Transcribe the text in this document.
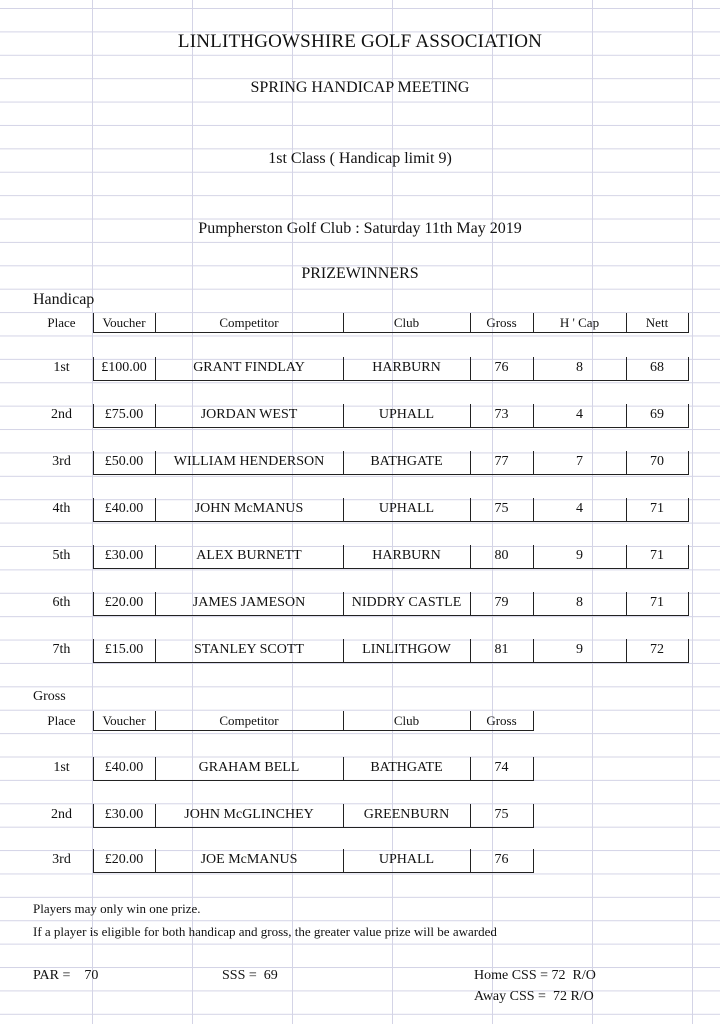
LINLITHGOWSHIRE GOLF ASSOCIATION
SPRING HANDICAP MEETING
1st Class ( Handicap limit 9)
Pumpherston Golf Club : Saturday 11th May 2019
PRIZEWINNERS
Handicap
Place	Voucher	Competitor	Club	Gross	H ' Cap	Nett
1st	£100.00	GRANT FINDLAY	HARBURN	76	8	68
2nd	£75.00	JORDAN WEST	UPHALL	73	4	69
3rd	£50.00	WILLIAM HENDERSON	BATHGATE	77	7	70
4th	£40.00	JOHN McMANUS	UPHALL	75	4	71
5th	£30.00	ALEX BURNETT	HARBURN	80	9	71
6th	£20.00	JAMES JAMESON	NIDDRY CASTLE	79	8	71
7th	£15.00	STANLEY SCOTT	LINLITHGOW	81	9	72
Gross
Place	Voucher	Competitor	Club	Gross
1st	£40.00	GRAHAM BELL	BATHGATE	74
2nd	£30.00	JOHN McGLINCHEY	GREENBURN	75
3rd	£20.00	JOE McMANUS	UPHALL	76
Players may only win one prize.
If a player is eligible for both handicap and gross, the greater value prize will be awarded
PAR =    70	SSS =  69	Home CSS = 72  R/O
Away CSS =  72 R/O
